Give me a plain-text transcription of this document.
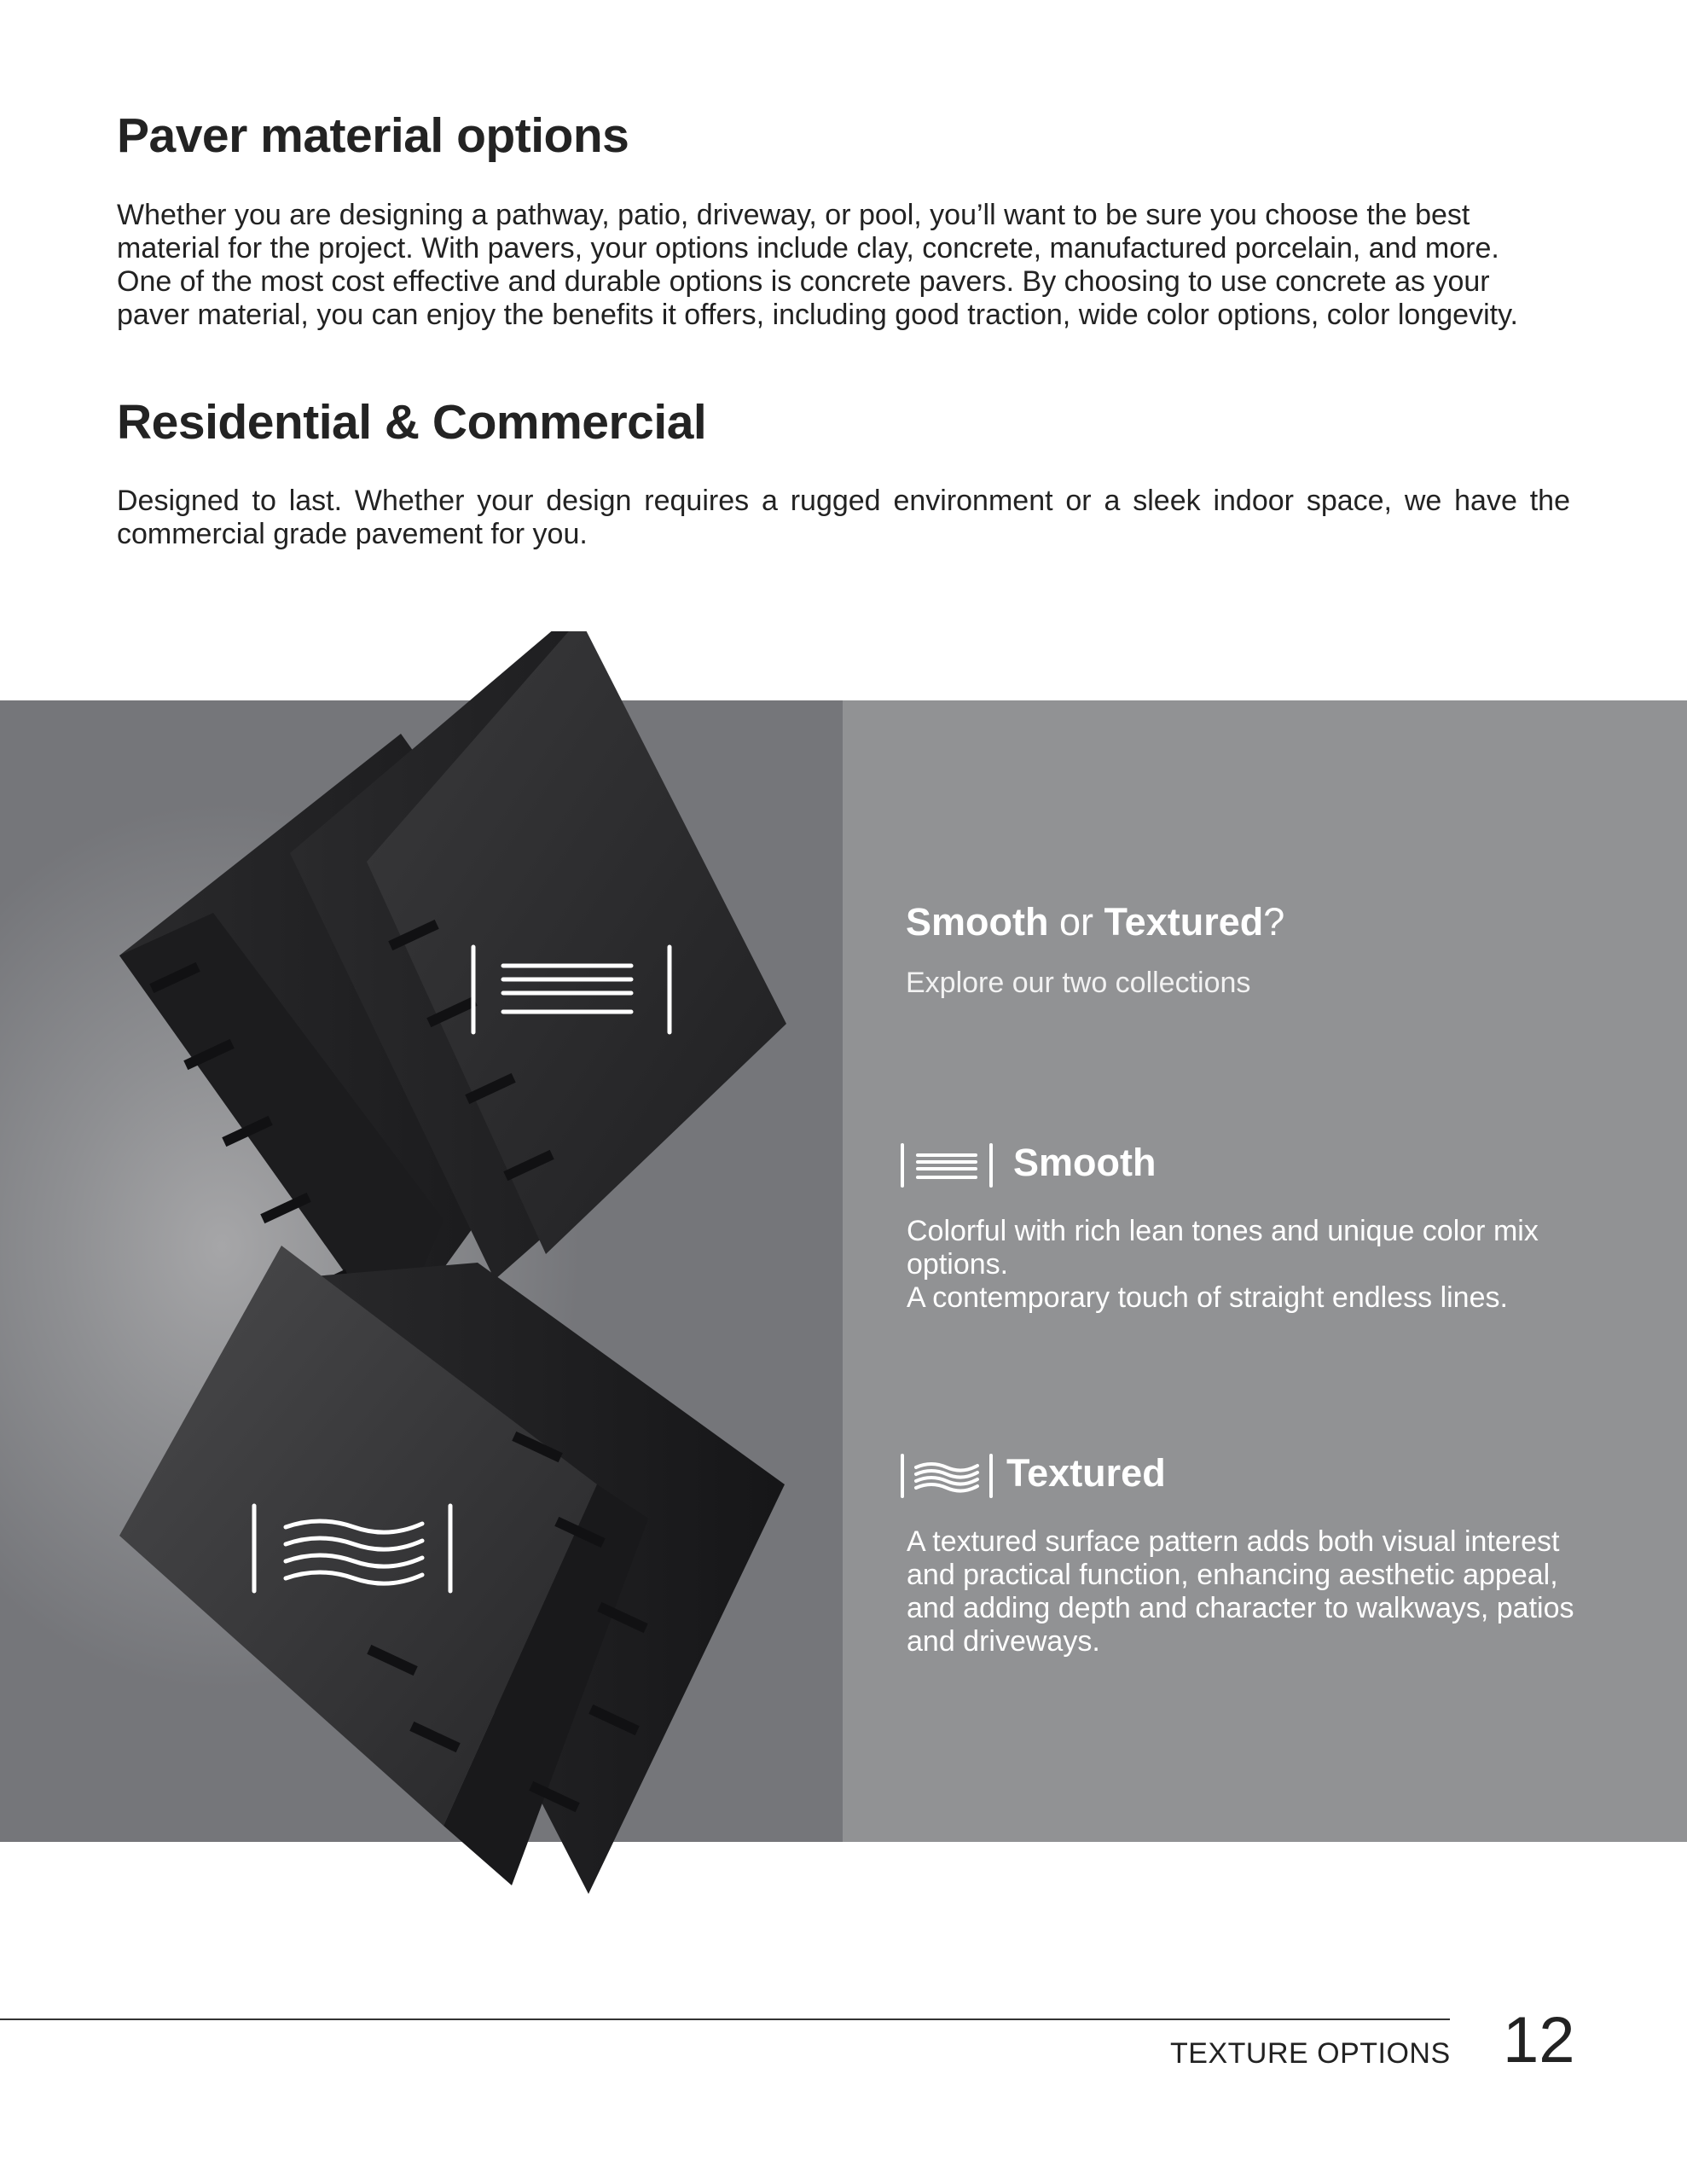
Paver material options

Whether you are designing a pathway, patio, driveway, or pool, you’ll want to be sure you choose the best material for the project. With pavers, your options include clay, concrete, manufactured porcelain, and more.

One of the most cost effective and durable options is concrete pavers. By choosing to use concrete as your paver material, you can enjoy the benefits it offers, including good traction, wide color options, color longevity.

Residential & Commercial

Designed to last. Whether your design requires a rugged environment or a sleek indoor space, we have the commercial grade pavement for you.

Smooth or Textured?

Explore our two collections

Smooth

Colorful with rich lean tones and unique color mix options.

A contemporary touch of straight endless lines.

Textured

A textured surface pattern adds both visual interest and practical function, enhancing aesthetic appeal, and adding depth and character to walkways, patios and driveways.

TEXTURE OPTIONS 12
